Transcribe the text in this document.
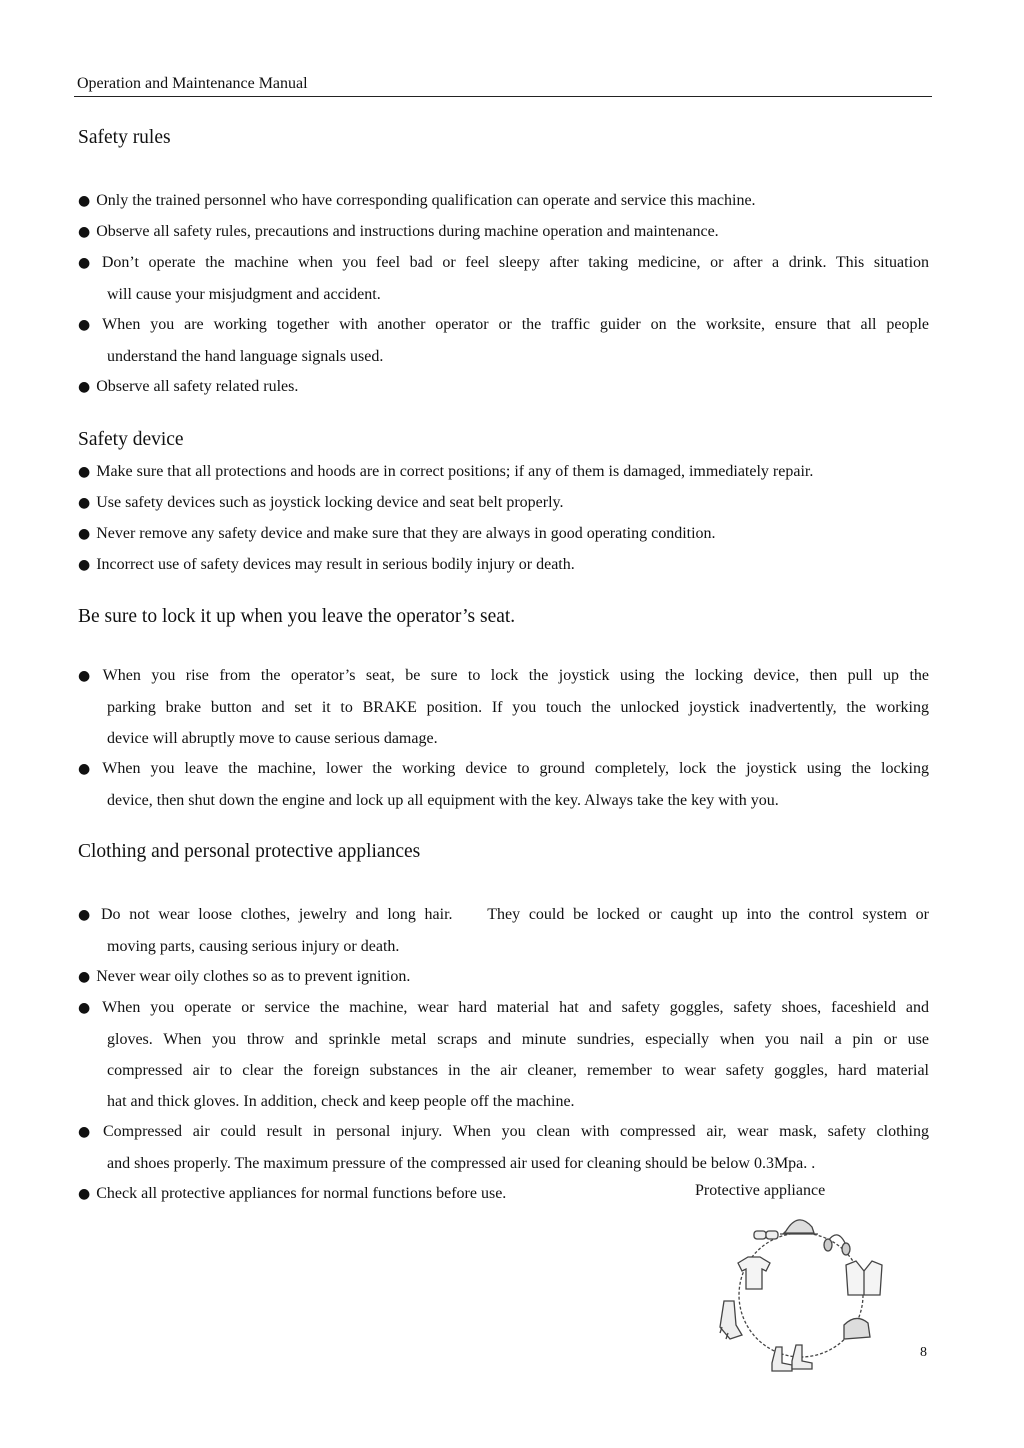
Operation and Maintenance Manual
Safety rules
● Only the trained personnel who have corresponding qualification can operate and service this machine.
● Observe all safety rules, precautions and instructions during machine operation and maintenance.
● Don’t operate the machine when you feel bad or feel sleepy after taking medicine, or after a drink. This situation
will cause your misjudgment and accident.
● When you are working together with another operator or the traffic guider on the worksite, ensure that all people
understand the hand language signals used.
● Observe all safety related rules.
Safety device
● Make sure that all protections and hoods are in correct positions; if any of them is damaged, immediately repair.
● Use safety devices such as joystick locking device and seat belt properly.
● Never remove any safety device and make sure that they are always in good operating condition.
● Incorrect use of safety devices may result in serious bodily injury or death.
Be sure to lock it up when you leave the operator’s seat.
● When you rise from the operator’s seat, be sure to lock the joystick using the locking device, then pull up the
parking brake button and set it to BRAKE position. If you touch the unlocked joystick inadvertently, the working
device will abruptly move to cause serious damage.
● When you leave the machine, lower the working device to ground completely, lock the joystick using the locking
device, then shut down the engine and lock up all equipment with the key. Always take the key with you.
Clothing and personal protective appliances
● Do not wear loose clothes, jewelry and long hair.    They could be locked or caught up into the control system or
moving parts, causing serious injury or death.
● Never wear oily clothes so as to prevent ignition.
● When you operate or service the machine, wear hard material hat and safety goggles, safety shoes, faceshield and
gloves. When you throw and sprinkle metal scraps and minute sundries, especially when you nail a pin or use
compressed air to clear the foreign substances in the air cleaner, remember to wear safety goggles, hard material
hat and thick gloves. In addition, check and keep people off the machine.
● Compressed air could result in personal injury. When you clean with compressed air, wear mask, safety clothing
and shoes properly. The maximum pressure of the compressed air used for cleaning should be below 0.3Mpa. .
● Check all protective appliances for normal functions before use.	Protective appliance
8
